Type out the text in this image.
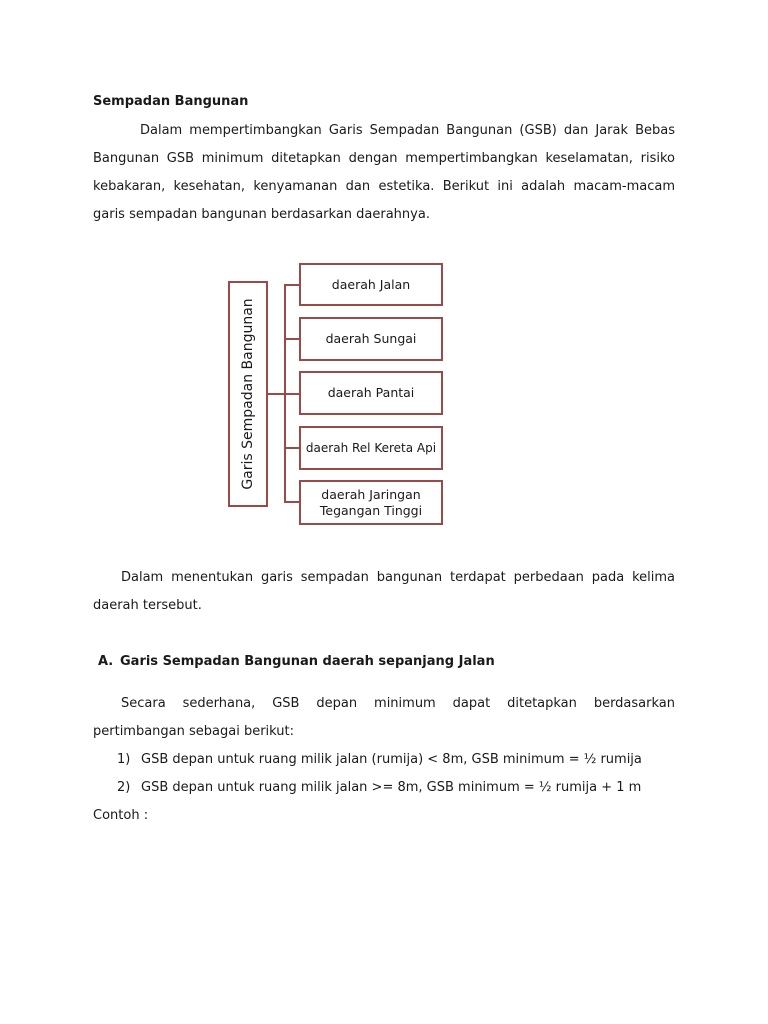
Sempadan Bangunan

Dalam mempertimbangkan Garis Sempadan Bangunan (GSB) dan Jarak Bebas Bangunan GSB minimum ditetapkan dengan mempertimbangkan keselamatan, risiko kebakaran, kesehatan, kenyamanan dan estetika. Berikut ini adalah macam-macam garis sempadan bangunan berdasarkan daerahnya.

Garis Sempadan Bangunan
daerah Jalan
daerah Sungai
daerah Pantai
daerah Rel Kereta Api
daerah Jaringan
Tegangan Tinggi

Dalam menentukan garis sempadan bangunan terdapat perbedaan pada kelima daerah tersebut.

A. Garis Sempadan Bangunan daerah sepanjang Jalan

Secara sederhana, GSB depan minimum dapat ditetapkan berdasarkan pertimbangan sebagai berikut:

1) GSB depan untuk ruang milik jalan (rumija) < 8m, GSB minimum = ½ rumija
2) GSB depan untuk ruang milik jalan >= 8m, GSB minimum = ½ rumija + 1 m
Contoh :
